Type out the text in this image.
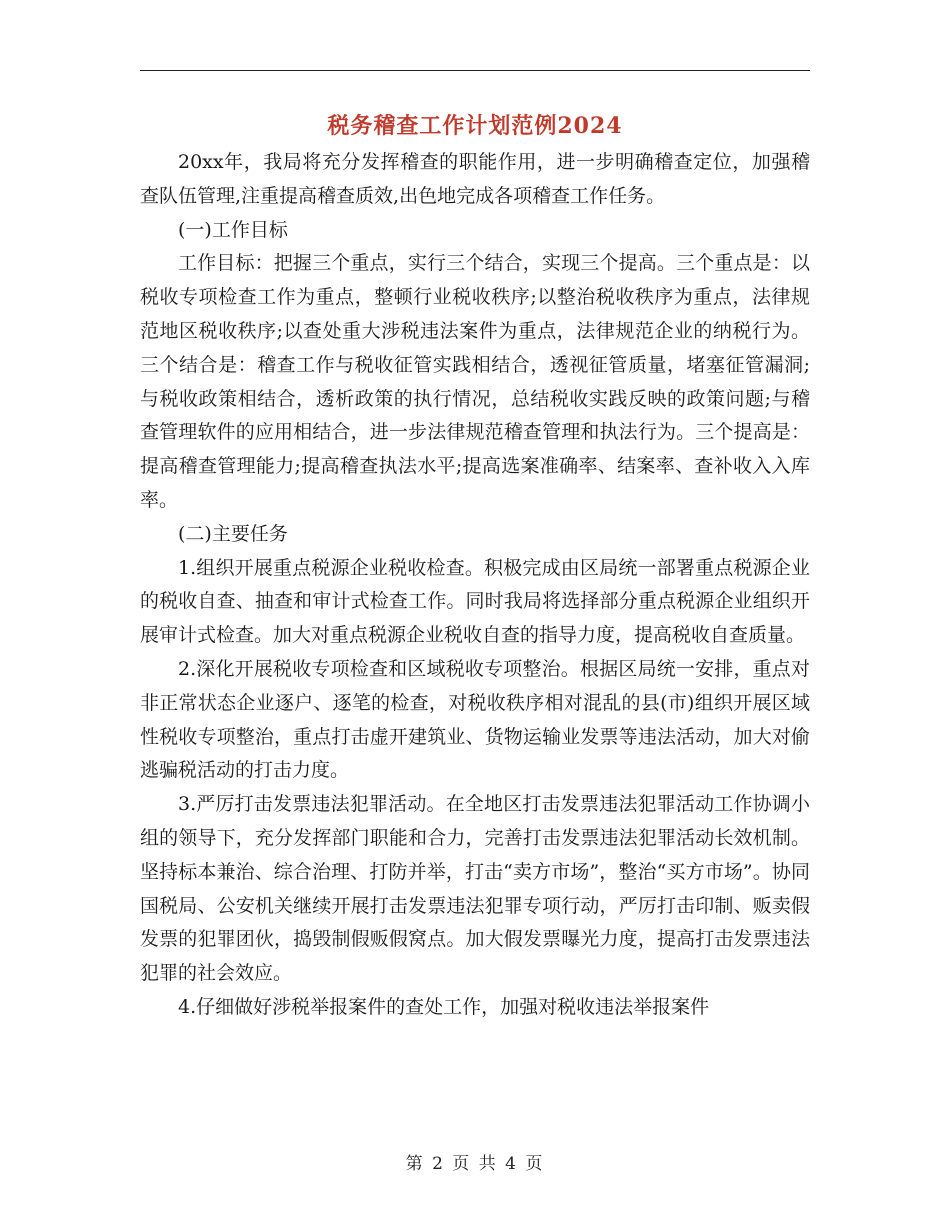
税务稽查工作计划范例2024
20xx年，我局将充分发挥稽查的职能作用，进一步明确稽查定位，加强稽查队伍管理,注重提高稽查质效,出色地完成各项稽查工作任务。
(一)工作目标
工作目标：把握三个重点，实行三个结合，实现三个提高。三个重点是：以税收专项检查工作为重点，整顿行业税收秩序;以整治税收秩序为重点，法律规范地区税收秩序;以查处重大涉税违法案件为重点，法律规范企业的纳税行为。三个结合是：稽查工作与税收征管实践相结合，透视征管质量，堵塞征管漏洞;与税收政策相结合，透析政策的执行情况，总结税收实践反映的政策问题;与稽查管理软件的应用相结合，进一步法律规范稽查管理和执法行为。三个提高是：提高稽查管理能力;提高稽查执法水平;提高选案准确率、结案率、查补收入入库率。
(二)主要任务
1.组织开展重点税源企业税收检查。积极完成由区局统一部署重点税源企业的税收自查、抽查和审计式检查工作。同时我局将选择部分重点税源企业组织开展审计式检查。加大对重点税源企业税收自查的指导力度，提高税收自查质量。
2.深化开展税收专项检查和区域税收专项整治。根据区局统一安排，重点对非正常状态企业逐户、逐笔的检查，对税收秩序相对混乱的县(市)组织开展区域性税收专项整治，重点打击虚开建筑业、货物运输业发票等违法活动，加大对偷逃骗税活动的打击力度。
3.严厉打击发票违法犯罪活动。在全地区打击发票违法犯罪活动工作协调小组的领导下，充分发挥部门职能和合力，完善打击发票违法犯罪活动长效机制。坚持标本兼治、综合治理、打防并举，打击“卖方市场”，整治“买方市场”。协同国税局、公安机关继续开展打击发票违法犯罪专项行动，严厉打击印制、贩卖假发票的犯罪团伙，捣毁制假贩假窝点。加大假发票曝光力度，提高打击发票违法犯罪的社会效应。
4.仔细做好涉税举报案件的查处工作，加强对税收违法举报案件
第 2 页 共 4 页
